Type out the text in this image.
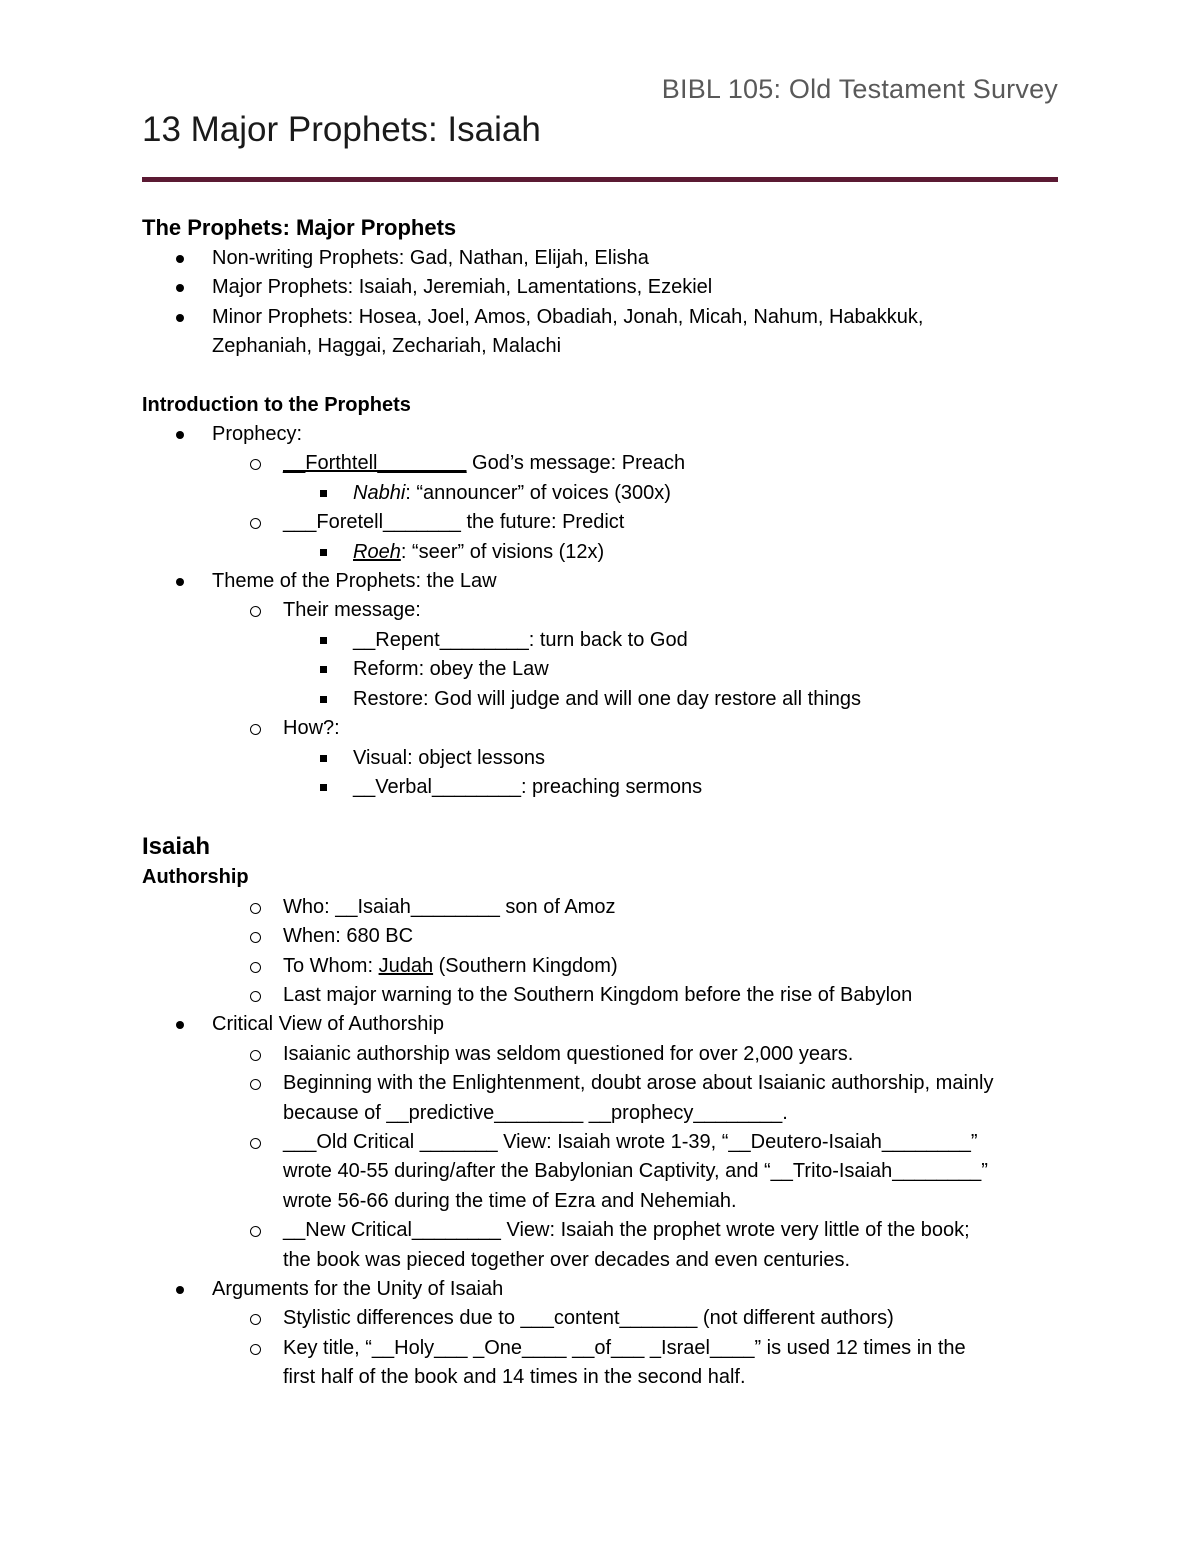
BIBL 105: Old Testament Survey
13 Major Prophets: Isaiah
The Prophets: Major Prophets
Non-writing Prophets: Gad, Nathan, Elijah, Elisha
Major Prophets: Isaiah, Jeremiah, Lamentations, Ezekiel
Minor Prophets: Hosea, Joel, Amos, Obadiah, Jonah, Micah, Nahum, Habakkuk,
Zephaniah, Haggai, Zechariah, Malachi
Introduction to the Prophets
Prophecy:
__Forthtell________ God’s message: Preach
Nabhi: “announcer” of voices (300x)
___Foretell_______ the future: Predict
Roeh: “seer” of visions (12x)
Theme of the Prophets: the Law
Their message:
__Repent________: turn back to God
Reform: obey the Law
Restore: God will judge and will one day restore all things
How?:
Visual: object lessons
__Verbal________: preaching sermons
Isaiah
Authorship
Who: __Isaiah________ son of Amoz
When: 680 BC
To Whom: Judah (Southern Kingdom)
Last major warning to the Southern Kingdom before the rise of Babylon
Critical View of Authorship
Isaianic authorship was seldom questioned for over 2,000 years.
Beginning with the Enlightenment, doubt arose about Isaianic authorship, mainly
because of __predictive________ __prophecy________.
___Old Critical _______ View: Isaiah wrote 1-39, “__Deutero-Isaiah________”
wrote 40-55 during/after the Babylonian Captivity, and “__Trito-Isaiah________”
wrote 56-66 during the time of Ezra and Nehemiah.
__New Critical________ View: Isaiah the prophet wrote very little of the book;
the book was pieced together over decades and even centuries.
Arguments for the Unity of Isaiah
Stylistic differences due to ___content_______ (not different authors)
Key title, “__Holy___ _One____ __of___ _Israel____” is used 12 times in the
first half of the book and 14 times in the second half.
